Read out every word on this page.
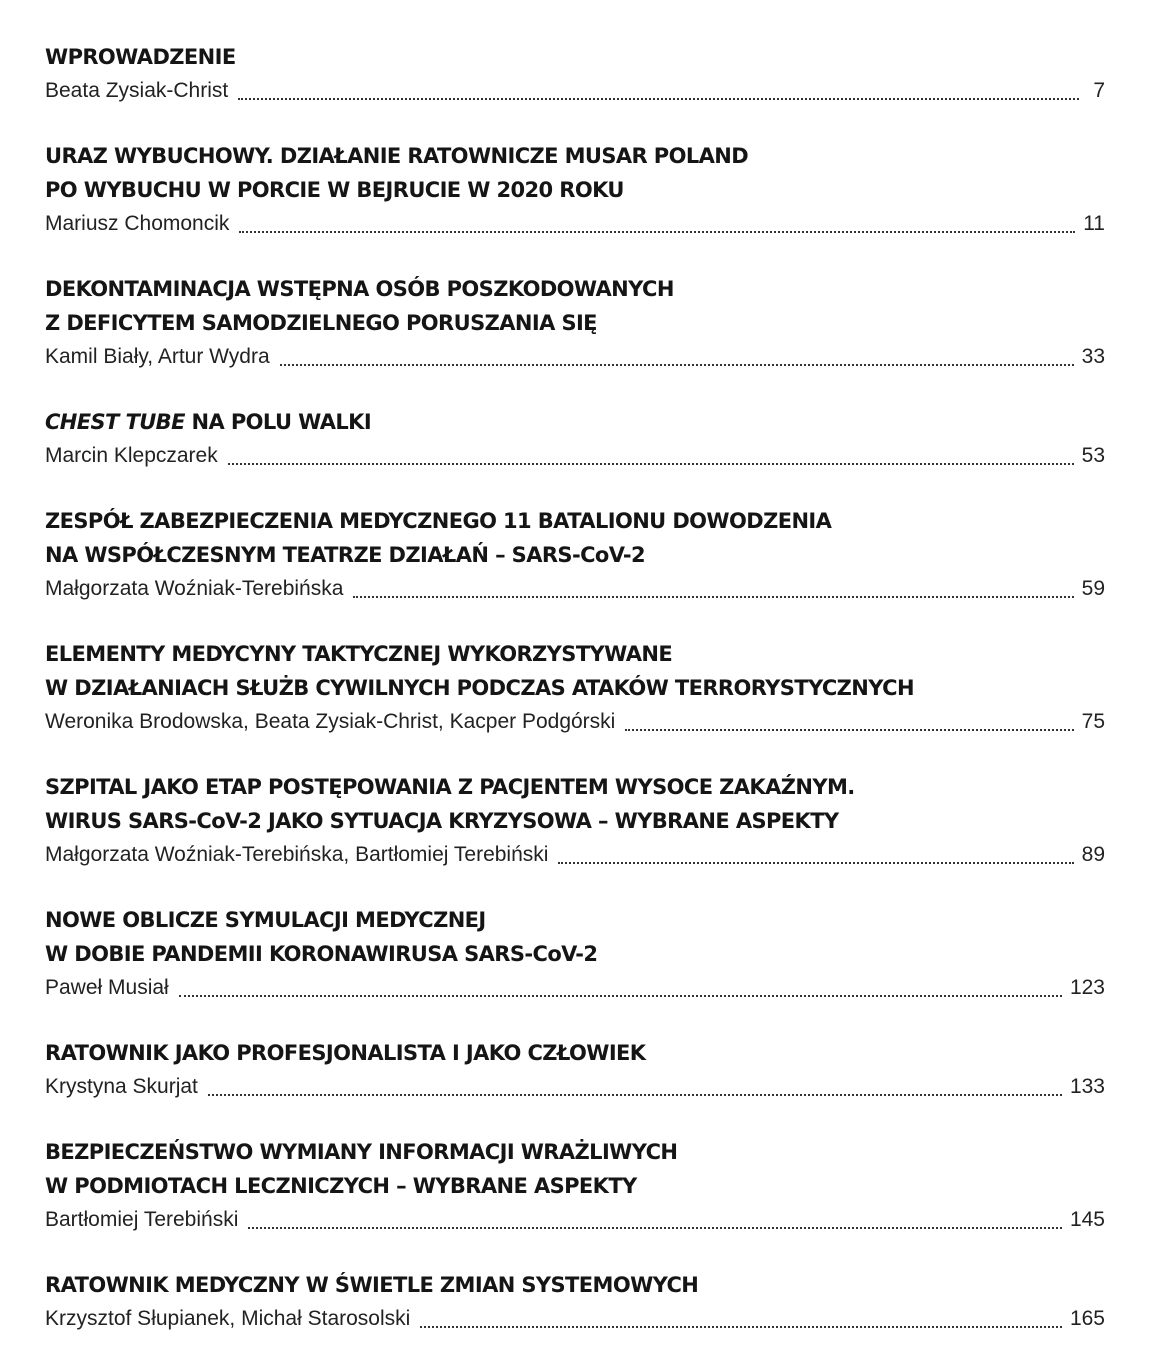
WPROWADZENIE
Beata Zysiak-Christ	7
URAZ WYBUCHOWY. DZIAŁANIE RATOWNICZE MUSAR POLAND
PO WYBUCHU W PORCIE W BEJRUCIE W 2020 ROKU
Mariusz Chomoncik	11
DEKONTAMINACJA WSTĘPNA OSÓB POSZKODOWANYCH
Z DEFICYTEM SAMODZIELNEGO PORUSZANIA SIĘ
Kamil Biały, Artur Wydra	33
CHEST TUBE NA POLU WALKI
Marcin Klepczarek	53
ZESPÓŁ ZABEZPIECZENIA MEDYCZNEGO 11 BATALIONU DOWODZENIA
NA WSPÓŁCZESNYM TEATRZE DZIAŁAŃ – SARS-CoV-2
Małgorzata Woźniak-Terebińska	59
ELEMENTY MEDYCYNY TAKTYCZNEJ WYKORZYSTYWANE
W DZIAŁANIACH SŁUŻB CYWILNYCH PODCZAS ATAKÓW TERRORYSTYCZNYCH
Weronika Brodowska, Beata Zysiak-Christ, Kacper Podgórski	75
SZPITAL JAKO ETAP POSTĘPOWANIA Z PACJENTEM WYSOCE ZAKAŹNYM.
WIRUS SARS-CoV-2 JAKO SYTUACJA KRYZYSOWA – WYBRANE ASPEKTY
Małgorzata Woźniak-Terebińska, Bartłomiej Terebiński	89
NOWE OBLICZE SYMULACJI MEDYCZNEJ
W DOBIE PANDEMII KORONAWIRUSA SARS-CoV-2
Paweł Musiał	123
RATOWNIK JAKO PROFESJONALISTA I JAKO CZŁOWIEK
Krystyna Skurjat	133
BEZPIECZEŃSTWO WYMIANY INFORMACJI WRAŻLIWYCH
W PODMIOTACH LECZNICZYCH – WYBRANE ASPEKTY
Bartłomiej Terebiński	145
RATOWNIK MEDYCZNY W ŚWIETLE ZMIAN SYSTEMOWYCH
Krzysztof Słupianek, Michał Starosolski	165
